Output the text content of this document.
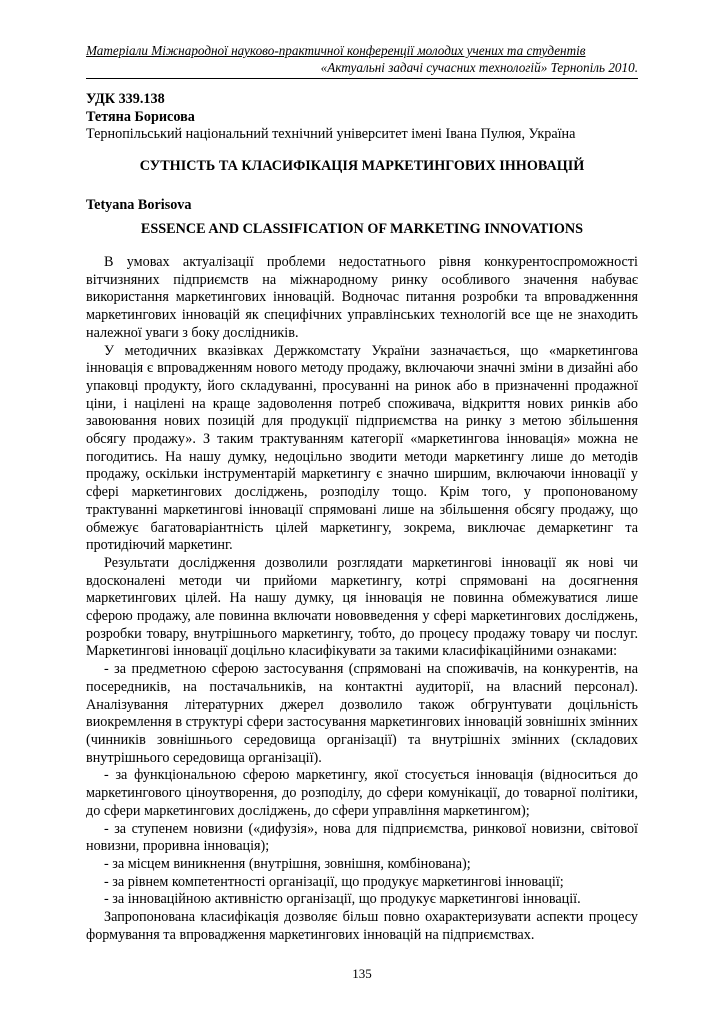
Матеріали Міжнародної науково-практичної конференції молодих учених та студентів
«Актуальні задачі сучасних технологій» Тернопіль 2010.
УДК 339.138
Тетяна Борисова
Тернопільський національний технічний університет імені Івана Пулюя, Україна
СУТНІСТЬ ТА КЛАСИФІКАЦІЯ МАРКЕТИНГОВИХ ІННОВАЦІЙ
Tetyana Borisova
ESSENCE AND CLASSIFICATION OF MARKETING INNOVATIONS

В умовах актуалізації проблеми недостатнього рівня конкурентоспроможності вітчизняних підприємств на міжнародному ринку особливого значення набуває використання маркетингових інновацій. Водночас питання розробки та впровадженння маркетингових інновацій як специфічних управлінських технологій все ще не знаходить належної уваги з боку дослідників.

У методичних вказівках Держкомстату України зазначається, що «маркетингова інновація є впровадженням нового методу продажу, включаючи значні зміни в дизайні або упаковці продукту, його складуванні, просуванні на ринок або в призначенні продажної ціни, і націлені на краще задоволення потреб споживача, відкриття нових ринків або завоювання нових позицій для продукції підприємства на ринку з метою збільшення обсягу продажу». З таким трактуванням категорії «маркетингова інновація» можна не погодитись. На нашу думку, недоцільно зводити методи маркетингу лише до методів продажу, оскільки інструментарій маркетингу є значно ширшим, включаючи інновації у сфері маркетингових досліджень, розподілу тощо. Крім того, у пропонованому трактуванні маркетингові інновації спрямовані лише на збільшення обсягу продажу, що обмежує багатоваріантність цілей маркетингу, зокрема, виключає демаркетинг та протидіючий маркетинг.

Результати дослідження дозволили розглядати маркетингові інновації як нові чи вдосконалені методи чи прийоми маркетингу, котрі спрямовані на досягнення маркетингових цілей. На нашу думку, ця інновація не повинна обмежуватися лише сферою продажу, але повинна включати нововведення у сфері маркетингових досліджень, розробки товару, внутрішнього маркетингу, тобто, до процесу продажу товару чи послуг. Маркетингові інновації доцільно класифікувати за такими класифікаційними ознаками:

- за предметною сферою застосування (спрямовані на споживачів, на конкурентів, на посередників, на постачальників, на контактні аудиторії, на власний персонал). Аналізування літературних джерел дозволило також обгрунтувати доцільність виокремлення в структурі сфери застосування маркетингових інновацій зовнішніх змінних (чинників зовнішнього середовища організації) та внутрішніх змінних (складових внутрішнього середовища організації).

- за функціональною сферою маркетингу, якої стосується інновація (відноситься до маркетингового ціноутворення, до розподілу, до сфери комунікації, до товарної політики, до сфери маркетингових досліджень, до сфери управління маркетингом);

- за ступенем новизни («дифузія», нова для підприємства, ринкової новизни, світової новизни, проривна інновація);

- за місцем виникнення (внутрішня, зовнішня, комбінована);

- за рівнем компетентності організації, що продукує маркетингові інновації;

- за інноваційною активністю організації, що продукує маркетингові інновації.

Запропонована класифікація дозволяє більш повно охарактеризувати аспекти процесу формування та впровадження маркетингових інновацій на підприємствах.

135
